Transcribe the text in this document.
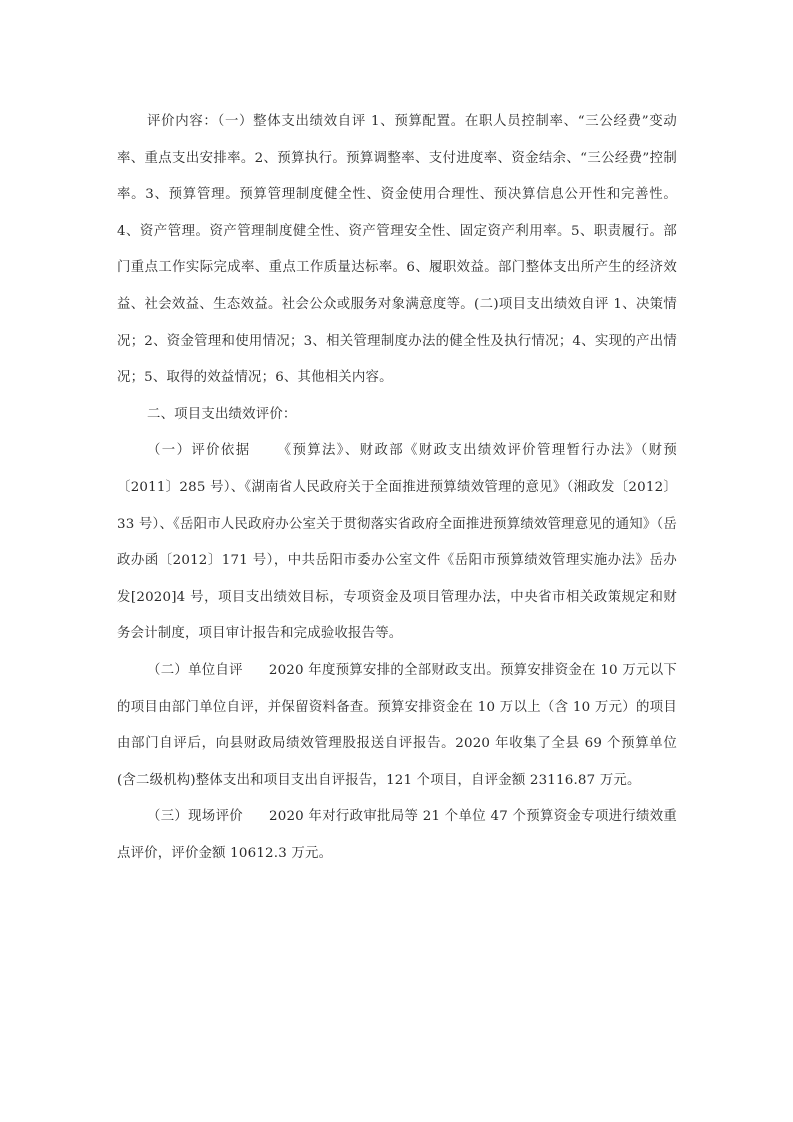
评价内容：（一）整体支出绩效自评 1、预算配置。在职人员控制率、“三公经费”变动率、重点支出安排率。2、预算执行。预算调整率、支付进度率、资金结余、“三公经费”控制率。3、预算管理。预算管理制度健全性、资金使用合理性、预决算信息公开性和完善性。4、资产管理。资产管理制度健全性、资产管理安全性、固定资产利用率。5、职责履行。部门重点工作实际完成率、重点工作质量达标率。6、履职效益。部门整体支出所产生的经济效益、社会效益、生态效益。社会公众或服务对象满意度等。(二)项目支出绩效自评 1、决策情况；2、资金管理和使用情况；3、相关管理制度办法的健全性及执行情况；4、实现的产出情况；5、取得的效益情况；6、其他相关内容。

二、项目支出绩效评价：

（一）评价依据 《预算法》、财政部《财政支出绩效评价管理暂行办法》（财预〔2011〕285 号）、《湖南省人民政府关于全面推进预算绩效管理的意见》（湘政发〔2012〕33 号）、《岳阳市人民政府办公室关于贯彻落实省政府全面推进预算绩效管理意见的通知》（岳政办函〔2012〕171 号），中共岳阳市委办公室文件《岳阳市预算绩效管理实施办法》岳办发[2020]4 号，项目支出绩效目标，专项资金及项目管理办法，中央省市相关政策规定和财务会计制度，项目审计报告和完成验收报告等。

（二）单位自评 2020 年度预算安排的全部财政支出。预算安排资金在 10 万元以下的项目由部门单位自评，并保留资料备查。预算安排资金在 10 万以上（含 10 万元）的项目由部门自评后，向县财政局绩效管理股报送自评报告。2020 年收集了全县 69 个预算单位(含二级机构)整体支出和项目支出自评报告，121 个项目，自评金额 23116.87 万元。

（三）现场评价 2020 年对行政审批局等 21 个单位 47 个预算资金专项进行绩效重点评价，评价金额 10612.3 万元。
